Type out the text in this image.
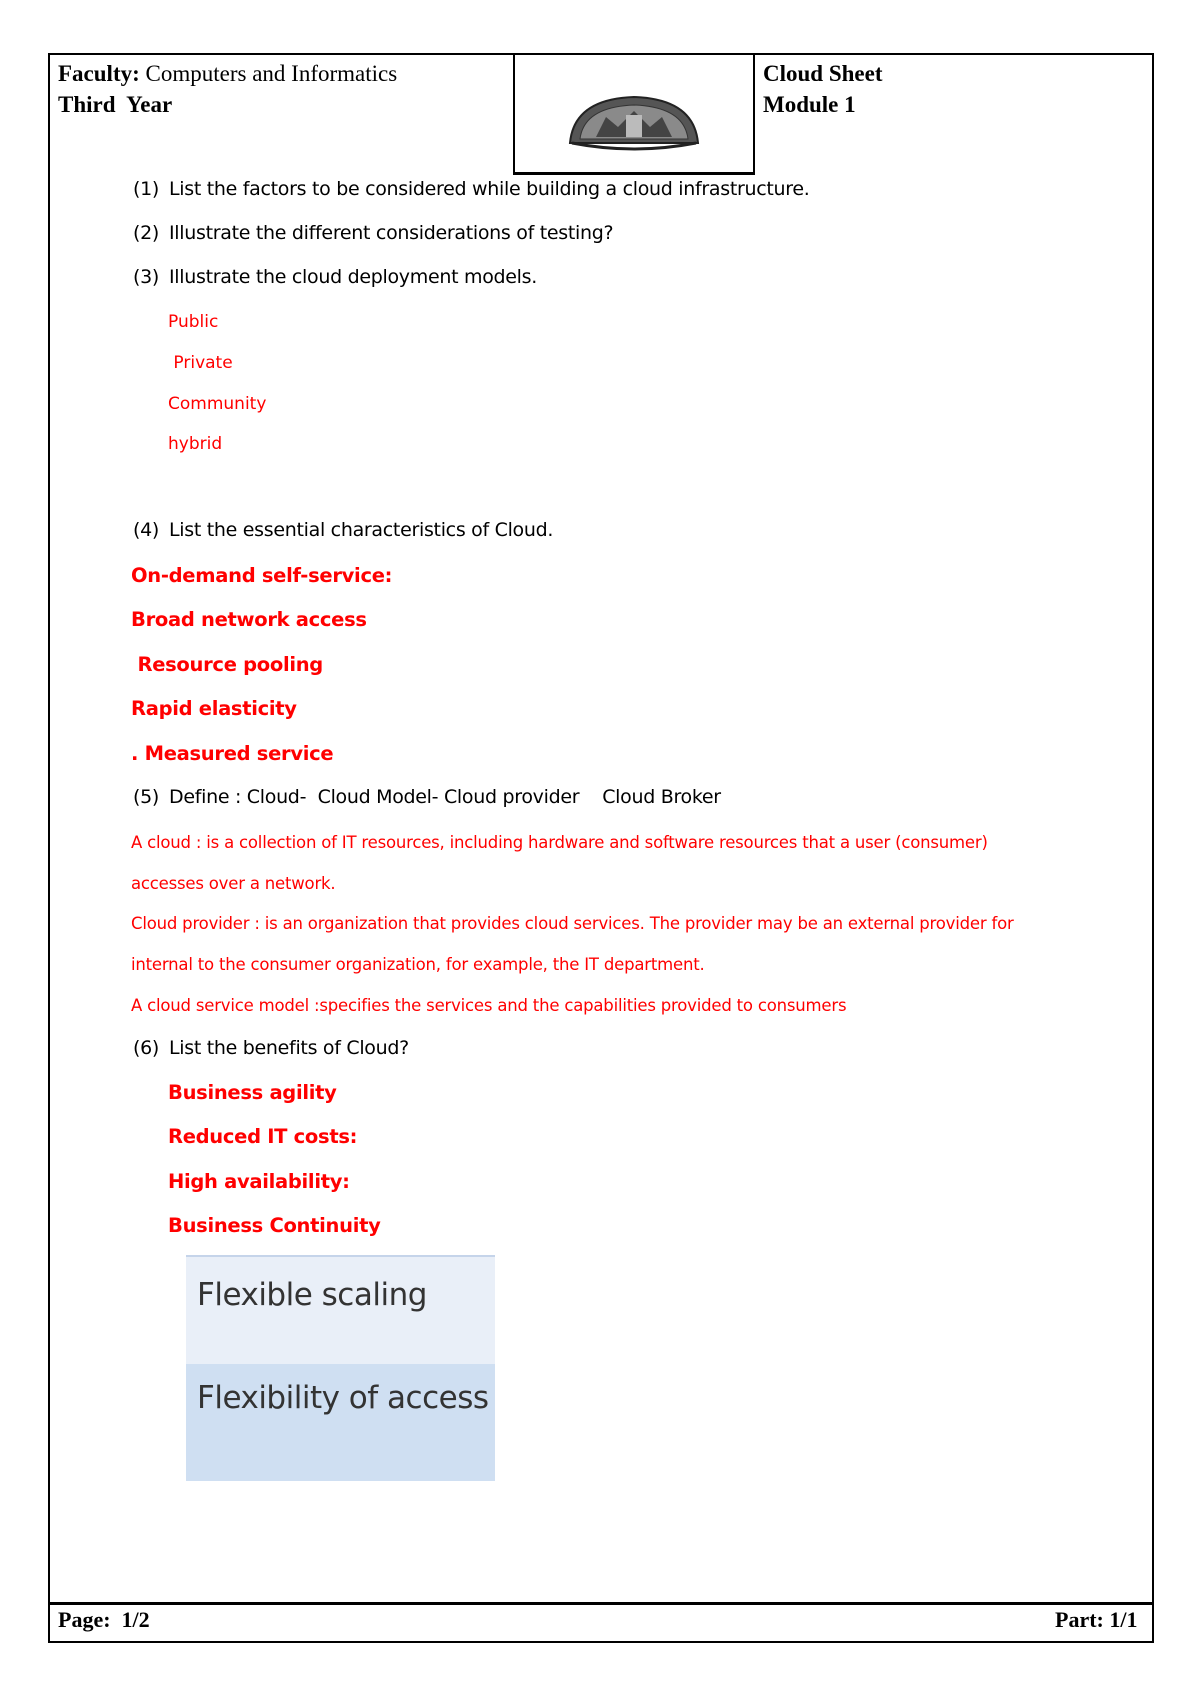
Faculty: Computers and Informatics
Third  Year
Cloud Sheet
Module 1
(1) List the factors to be considered while building a cloud infrastructure.
(2) Illustrate the different considerations of testing?
(3) Illustrate the cloud deployment models.
Public
Private
Community
hybrid
(4) List the essential characteristics of Cloud.
On-demand self-service:
Broad network access
Resource pooling
Rapid elasticity
. Measured service
(5) Define : Cloud-  Cloud Model- Cloud provider    Cloud Broker
A cloud : is a collection of IT resources, including hardware and software resources that a user (consumer)
accesses over a network.
Cloud provider : is an organization that provides cloud services. The provider may be an external provider for
internal to the consumer organization, for example, the IT department.
A cloud service model :specifies the services and the capabilities provided to consumers
(6) List the benefits of Cloud?
Business agility
Reduced IT costs:
High availability:
Business Continuity
Flexible scaling
Flexibility of access
Page: 1/2	Part: 1/1
